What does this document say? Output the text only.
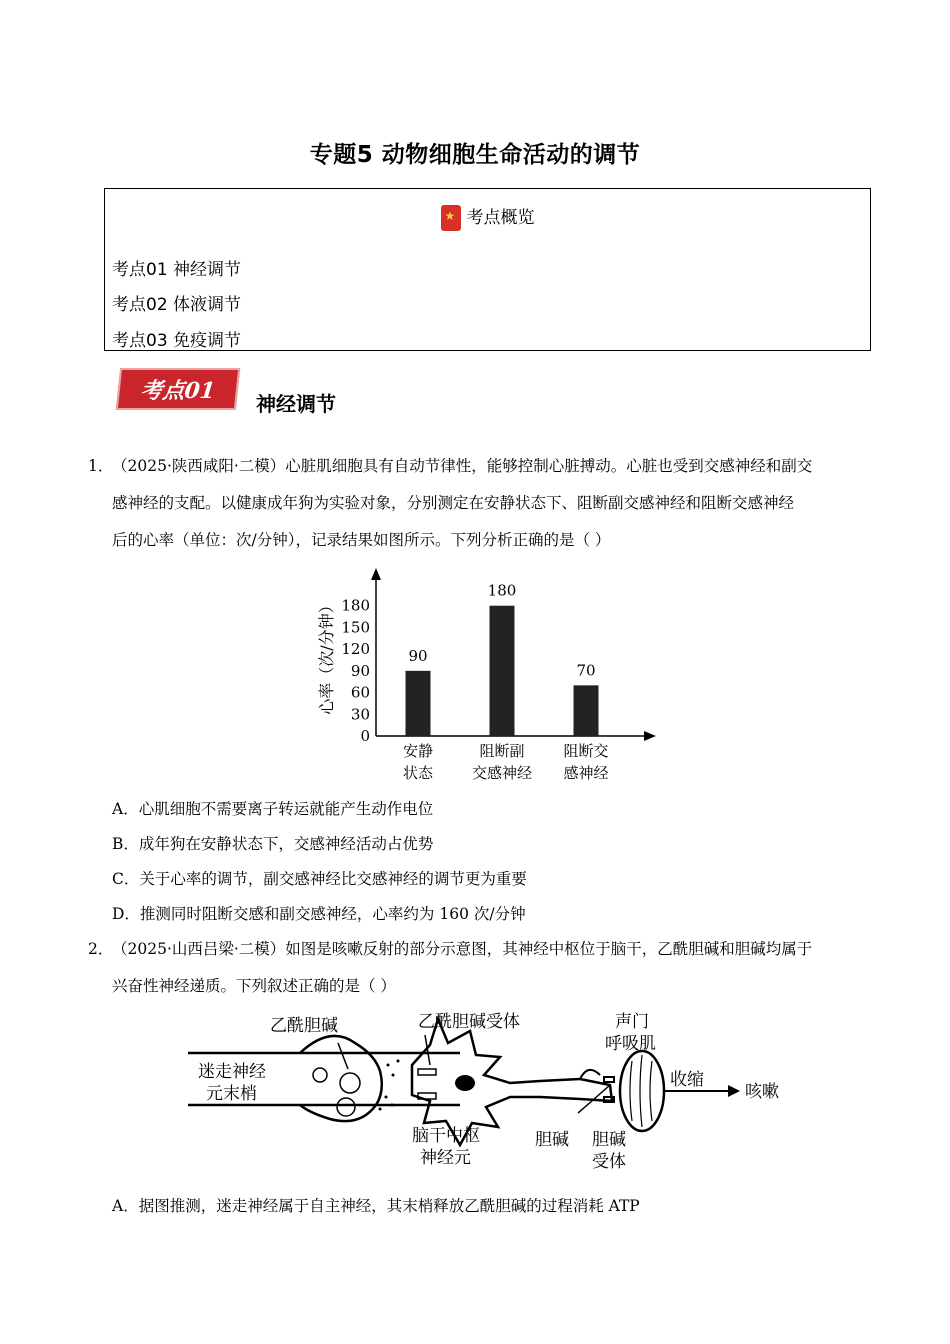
专题5 动物细胞生命活动的调节
★考点概览
考点01 神经调节
考点02 体液调节
考点03 免疫调节
考点01
神经调节
1．
（2025·陕西咸阳·二模）心脏肌细胞具有自动节律性，能够控制心脏搏动。心脏也受到交感神经和副交
感神经的支配。以健康成年狗为实验对象，分别测定在安静状态下、阻断副交感神经和阻断交感神经
后的心率（单位：次/分钟），记录结果如图所示。下列分析正确的是（ ）
0
30
60
90
120
150
180
心率（次/分钟）	90
安静
状态
180
阻断副
交感神经
70
阻断交
感神经
A．心肌细胞不需要离子转运就能产生动作电位
B．成年狗在安静状态下，交感神经活动占优势
C．关于心率的调节，副交感神经比交感神经的调节更为重要
D．推测同时阻断交感和副交感神经，心率约为 160 次/分钟
2．
（2025·山西吕梁·二模）如图是咳嗽反射的部分示意图，其神经中枢位于脑干，乙酰胆碱和胆碱均属于
兴奋性神经递质。下列叙述正确的是（ ）
乙酰胆碱	乙酰胆碱受体
迷走神经
元末梢
声门
呼吸肌
收缩
咳嗽
脑干中枢
神经元
胆碱 胆碱
受体
A．据图推测，迷走神经属于自主神经，其末梢释放乙酰胆碱的过程消耗 ATP
